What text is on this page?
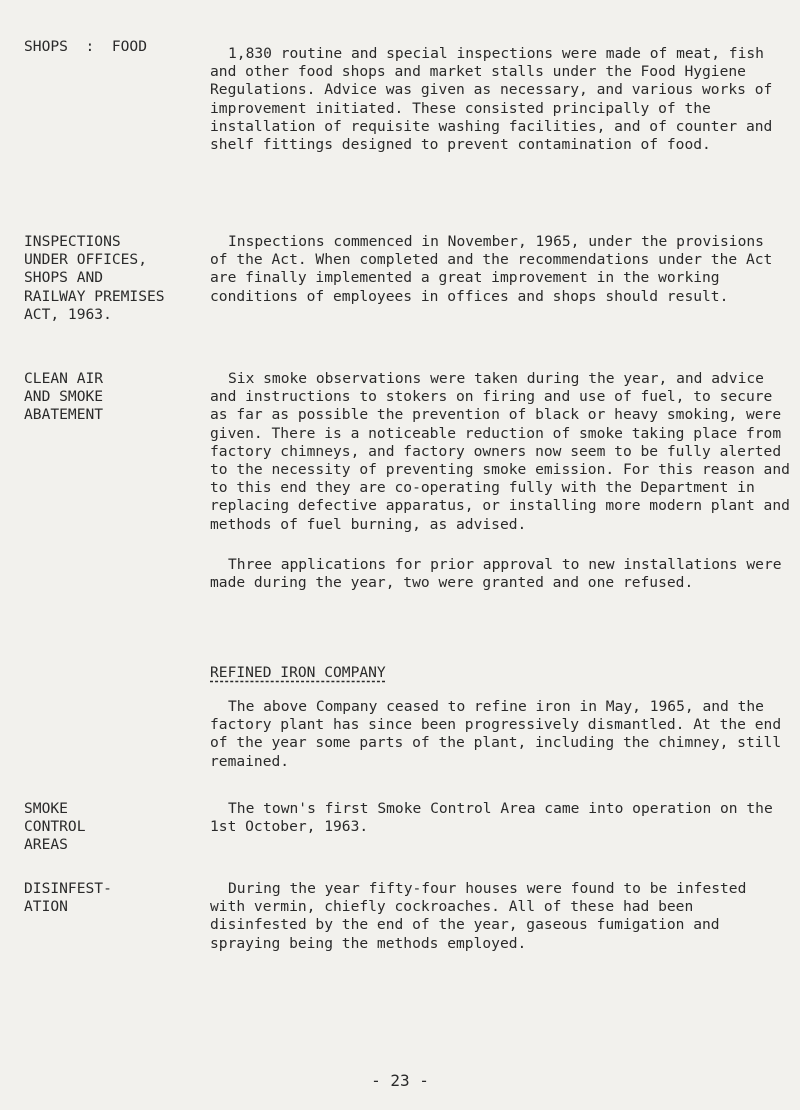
SHOPS  :  FOOD	1,830 routine and special inspections were made of meat, fish and other food shops and market stalls under the Food Hygiene Regulations. Advice was given as necessary, and various works of improvement initiated. These consisted principally of the installation of requisite washing facilities, and of counter and shelf fittings designed to prevent contamination of food.

INSPECTIONS
UNDER OFFICES,
SHOPS AND
RAILWAY PREMISES
ACT, 1963.

Inspections commenced in November, 1965, under the provisions of the Act. When completed and the recommendations under the Act are finally implemented a great improvement in the working conditions of employees in offices and shops should result.

CLEAN AIR
AND SMOKE
ABATEMENT

Six smoke observations were taken during the year, and advice and instructions to stokers on firing and use of fuel, to secure as far as possible the prevention of black or heavy smoking, were given. There is a noticeable reduction of smoke taking place from factory chimneys, and factory owners now seem to be fully alerted to the necessity of preventing smoke emission. For this reason and to this end they are co-operating fully with the Department in replacing defective apparatus, or installing more modern plant and methods of fuel burning, as advised.

Three applications for prior approval to new installations were made during the year, two were granted and one refused.

REFINED IRON COMPANY

The above Company ceased to refine iron in May, 1965, and the factory plant has since been progressively dismantled. At the end of the year some parts of the plant, including the chimney, still remained.

SMOKE
CONTROL
AREAS

The town's first Smoke Control Area came into operation on the 1st October, 1963.

DISINFEST-
ATION

During the year fifty-four houses were found to be infested with vermin, chiefly cockroaches. All of these had been disinfested by the end of the year, gaseous fumigation and spraying being the methods employed.

- 23 -
